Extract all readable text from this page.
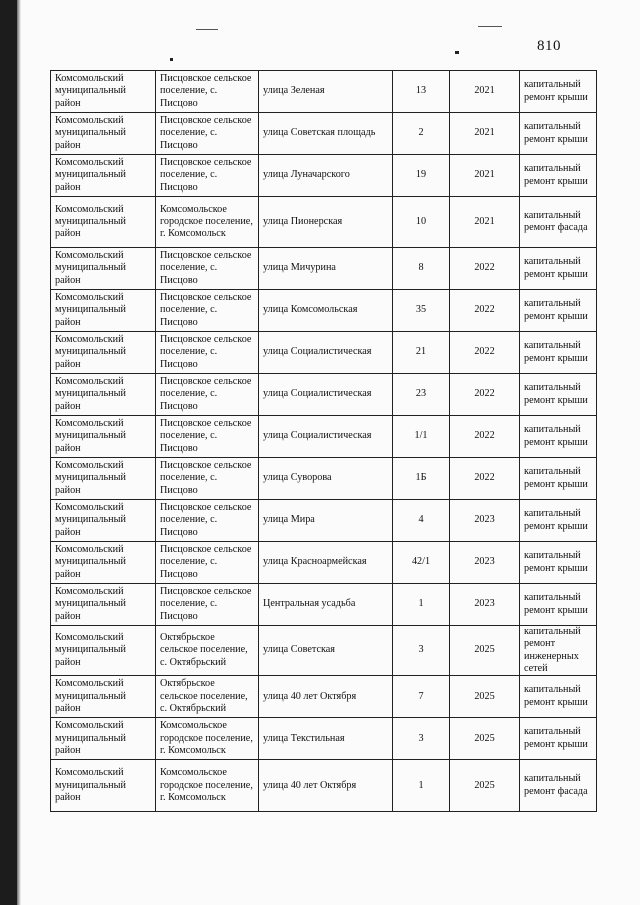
810
Комсомольский муниципальный район	Писцовское сельское поселение, с. Писцово	улица Зеленая	13	2021	капитальный ремонт крыши
Комсомольский муниципальный район	Писцовское сельское поселение, с. Писцово	улица Советская площадь	2	2021	капитальный ремонт крыши
Комсомольский муниципальный район	Писцовское сельское поселение, с. Писцово	улица Луначарского	19	2021	капитальный ремонт крыши
Комсомольский муниципальный район	Комсомольское городское поселение, г. Комсомольск	улица Пионерская	10	2021	капитальный ремонт фасада
Комсомольский муниципальный район	Писцовское сельское поселение, с. Писцово	улица Мичурина	8	2022	капитальный ремонт крыши
Комсомольский муниципальный район	Писцовское сельское поселение, с. Писцово	улица Комсомольская	35	2022	капитальный ремонт крыши
Комсомольский муниципальный район	Писцовское сельское поселение, с. Писцово	улица Социалистическая	21	2022	капитальный ремонт крыши
Комсомольский муниципальный район	Писцовское сельское поселение, с. Писцово	улица Социалистическая	23	2022	капитальный ремонт крыши
Комсомольский муниципальный район	Писцовское сельское поселение, с. Писцово	улица Социалистическая	1/1	2022	капитальный ремонт крыши
Комсомольский муниципальный район	Писцовское сельское поселение, с. Писцово	улица Суворова	1Б	2022	капитальный ремонт крыши
Комсомольский муниципальный район	Писцовское сельское поселение, с. Писцово	улица Мира	4	2023	капитальный ремонт крыши
Комсомольский муниципальный район	Писцовское сельское поселение, с. Писцово	улица Красноармейская	42/1	2023	капитальный ремонт крыши
Комсомольский муниципальный район	Писцовское сельское поселение, с. Писцово	Центральная усадьба	1	2023	капитальный ремонт крыши
Комсомольский муниципальный район	Октябрьское сельское поселение, с. Октябрьский	улица Советская	3	2025	капитальный ремонт инженерных сетей
Комсомольский муниципальный район	Октябрьское сельское поселение, с. Октябрьский	улица 40 лет Октября	7	2025	капитальный ремонт крыши
Комсомольский муниципальный район	Комсомольское городское поселение, г. Комсомольск	улица Текстильная	3	2025	капитальный ремонт крыши
Комсомольский муниципальный район	Комсомольское городское поселение, г. Комсомольск	улица 40 лет Октября	1	2025	капитальный ремонт фасада
